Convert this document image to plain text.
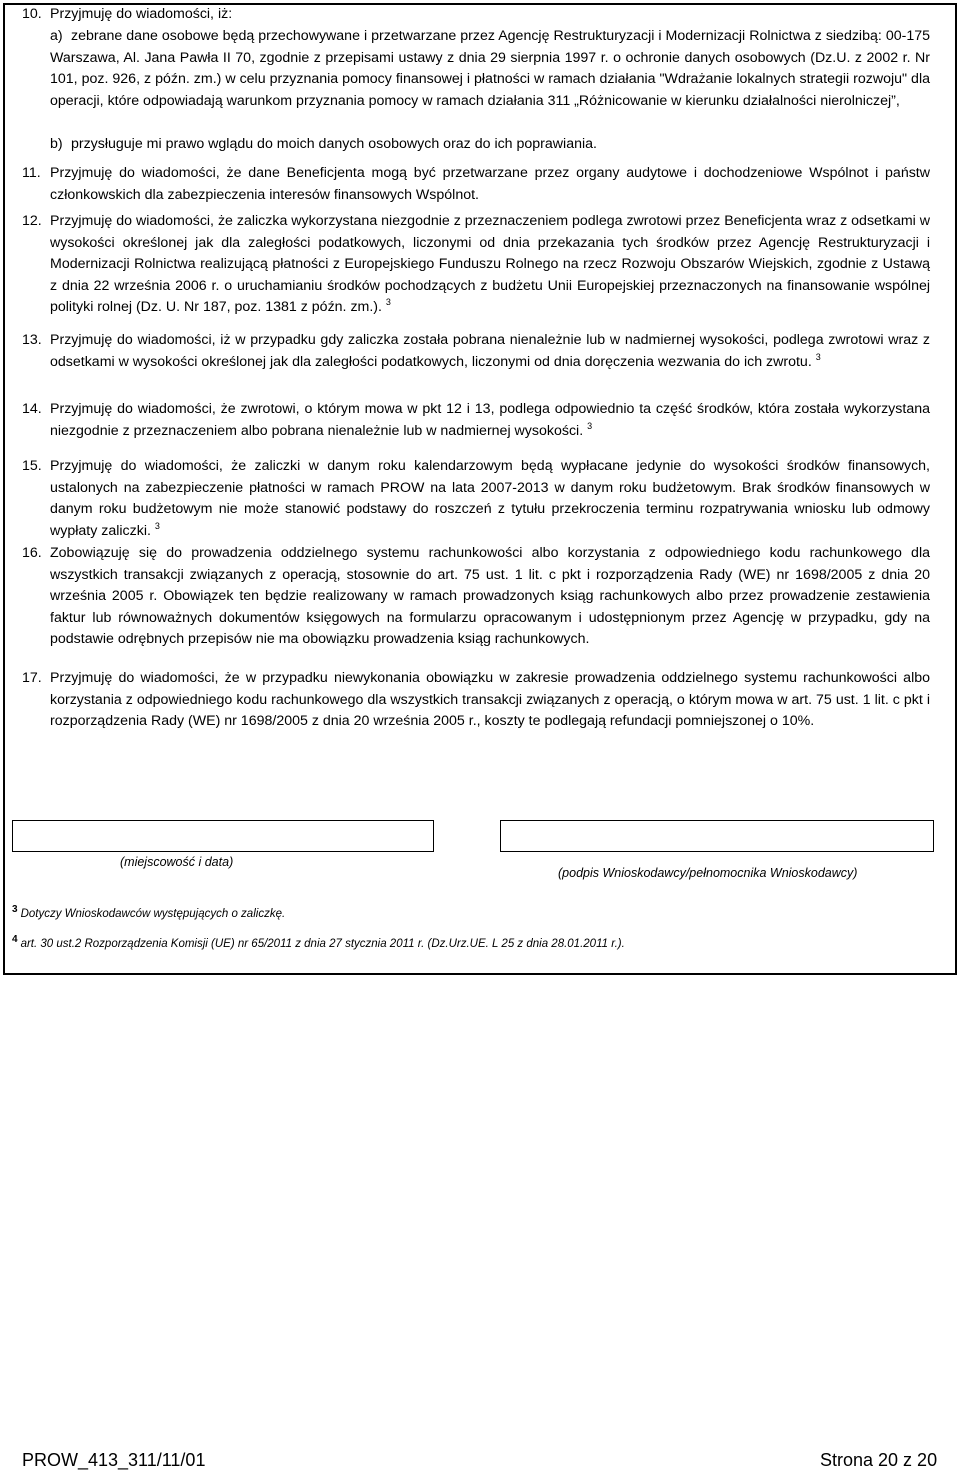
10. Przyjmuję do wiadomości, iż:
a) zebrane dane osobowe będą przechowywane i przetwarzane przez Agencję Restrukturyzacji i Modernizacji Rolnictwa z siedzibą: 00-175 Warszawa, Al. Jana Pawła II 70, zgodnie z przepisami ustawy z dnia 29 sierpnia 1997 r. o ochronie danych osobowych (Dz.U. z 2002 r. Nr 101, poz. 926, z późn. zm.) w celu przyznania pomocy finansowej i płatności w ramach działania "Wdrażanie lokalnych strategii rozwoju" dla operacji, które odpowiadają warunkom przyznania pomocy w ramach działania 311 „Różnicowanie w kierunku działalności nierolniczej”,
b) przysługuje mi prawo wglądu do moich danych osobowych oraz do ich poprawiania.
11. Przyjmuję do wiadomości, że dane Beneficjenta mogą być przetwarzane przez organy audytowe i dochodzeniowe Wspólnot i państw członkowskich dla zabezpieczenia interesów finansowych Wspólnot.
12. Przyjmuję do wiadomości, że zaliczka wykorzystana niezgodnie z przeznaczeniem podlega zwrotowi przez Beneficjenta wraz z odsetkami w wysokości określonej jak dla zaległości podatkowych, liczonymi od dnia przekazania tych środków przez Agencję Restrukturyzacji i Modernizacji Rolnictwa realizującą płatności z Europejskiego Funduszu Rolnego na rzecz Rozwoju Obszarów Wiejskich, zgodnie z Ustawą z dnia 22 września 2006 r. o uruchamianiu środków pochodzących z budżetu Unii Europejskiej przeznaczonych na finansowanie wspólnej polityki rolnej (Dz. U. Nr 187, poz. 1381 z późn. zm.). $^3$
13. Przyjmuję do wiadomości, iż w przypadku gdy zaliczka została pobrana nienależnie lub w nadmiernej wysokości, podlega zwrotowi wraz z odsetkami w wysokości określonej jak dla zaległości podatkowych, liczonymi od dnia doręczenia wezwania do ich zwrotu. $^3$
14. Przyjmuję do wiadomości, że zwrotowi, o którym mowa w pkt 12 i 13, podlega odpowiednio ta część środków, która została wykorzystana niezgodnie z przeznaczeniem albo pobrana nienależnie lub w nadmiernej wysokości. $^3$
15. Przyjmuję do wiadomości, że zaliczki w danym roku kalendarzowym będą wypłacane jedynie do wysokości środków finansowych, ustalonych na zabezpieczenie płatności w ramach PROW na lata 2007-2013 w danym roku budżetowym. Brak środków finansowych w danym roku budżetowym nie może stanowić podstawy do roszczeń z tytułu przekroczenia terminu rozpatrywania wniosku lub odmowy wypłaty zaliczki. $^3$
16. Zobowiązuję się do prowadzenia oddzielnego systemu rachunkowości albo korzystania z odpowiedniego kodu rachunkowego dla wszystkich transakcji związanych z operacją, stosownie do art. 75 ust. 1 lit. c pkt i rozporządzenia Rady (WE) nr 1698/2005 z dnia 20 września 2005 r. Obowiązek ten będzie realizowany w ramach prowadzonych ksiąg rachunkowych albo przez prowadzenie zestawienia faktur lub równoważnych dokumentów księgowych na formularzu opracowanym i udostępnionym przez Agencję w przypadku, gdy na podstawie odrębnych przepisów nie ma obowiązku prowadzenia ksiąg rachunkowych.
17. Przyjmuję do wiadomości, że w przypadku niewykonania obowiązku w zakresie prowadzenia oddzielnego systemu rachunkowości albo korzystania z odpowiedniego kodu rachunkowego dla wszystkich transakcji związanych z operacją, o którym mowa w art. 75 ust. 1 lit. c pkt i rozporządzenia Rady (WE) nr 1698/2005 z dnia 20 września 2005 r., koszty te podlegają refundacji pomniejszonej o 10%.
(miejscowość i data)
(podpis Wnioskodawcy/pełnomocnika Wnioskodawcy)
3 Dotyczy Wnioskodawców występujących o zaliczkę.
4 art. 30 ust.2 Rozporządzenia Komisji (UE) nr 65/2011 z dnia 27 stycznia 2011 r. (Dz.Urz.UE. L 25 z dnia 28.01.2011 r.).
PROW_413_311/11/01	Strona 20 z 20
